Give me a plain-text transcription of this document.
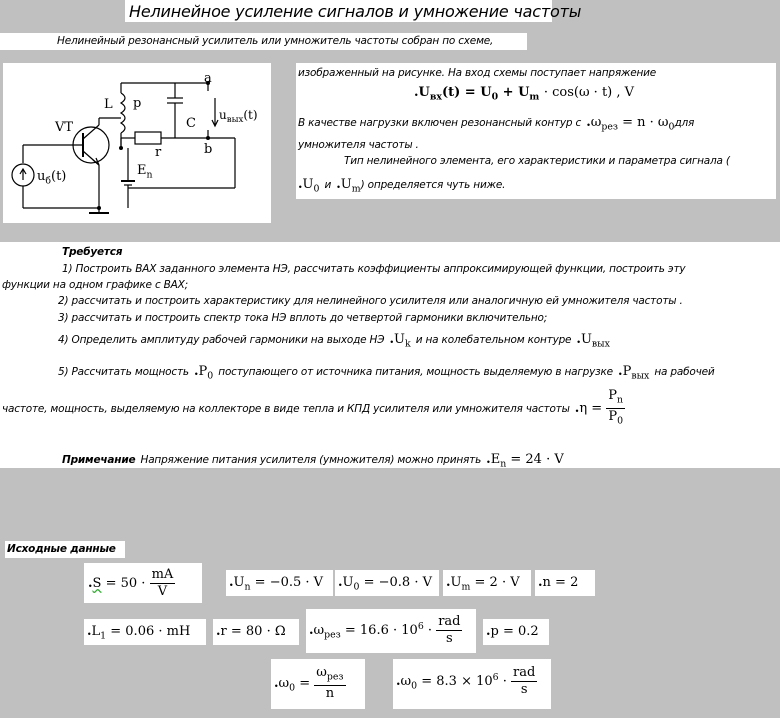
Нелинейное усиление сигналов и умножение частоты
Нелинейный резонансный усилитель или умножитель частоты собран по схеме,
a
b
L p
C
r
VT
$E_n$
$u_б(t)$
$u_{вых}(t)$
изображенный на рисунке. На вход схемы поступает напряжение
$.U_{вх}(t) = U_0 + U_m \cdot \cos(\omega \cdot t)$ , V
В качестве нагрузки включен резонансный контур с $.\omega_{рез} = n \cdot \omega_0для$
умножителя частоты .
Тип нелинейного элемента, его характеристики и параметра сигнала (
$.U_0$ и $.U_m$) определяется чуть ниже.
Требуется
1) Построить ВАХ заданного элемента НЭ, рассчитать коэффициенты аппроксимирующей функции, построить эту
функции на одном графике с ВАХ;
2) рассчитать и построить характеристику для нелинейного усилителя или аналогичную ей умножителя частоты .
3) рассчитать и построить спектр тока НЭ вплоть до четвертой гармоники включительно;
4) Определить амплитуду рабочей гармоники на выходе НЭ $.U_k$ и на колебательном контуре $.U_{вых}$
5) Рассчитать мощность $.P_0$ поступающего от источника питания, мощность выделяемую в нагрузке $.P_{вых}$ на рабочей
частоте, мощность, выделяемую на коллекторе в виде тепла и КПД усилителя или умножителя частоты $.\eta = \frac{P_n}{P_0}$
Примечание Напряжение питания усилителя (умножителя) можно принять $.E_n = 24 \cdot V$
Исходные данные
$.S = 50 \cdot \frac{mA}{V}$	$.U_n = -0.5 \cdot V$ $.U_0 = -0.8 \cdot V$ $.U_m = 2 \cdot V$ .n = 2
$.L_1 = 0.06$ · mH .r = 80 · Ω $.\omega_{рез} = 16.6 \cdot 10^6 \cdot \frac{\text{rad}}{s} .p = 0.2$
$.\omega_0 = \frac{\omega_{рез}}{n}$	$.\omega_0 = 8.3 \times 10^6 \cdot \frac{\text{rad}}{s}$
